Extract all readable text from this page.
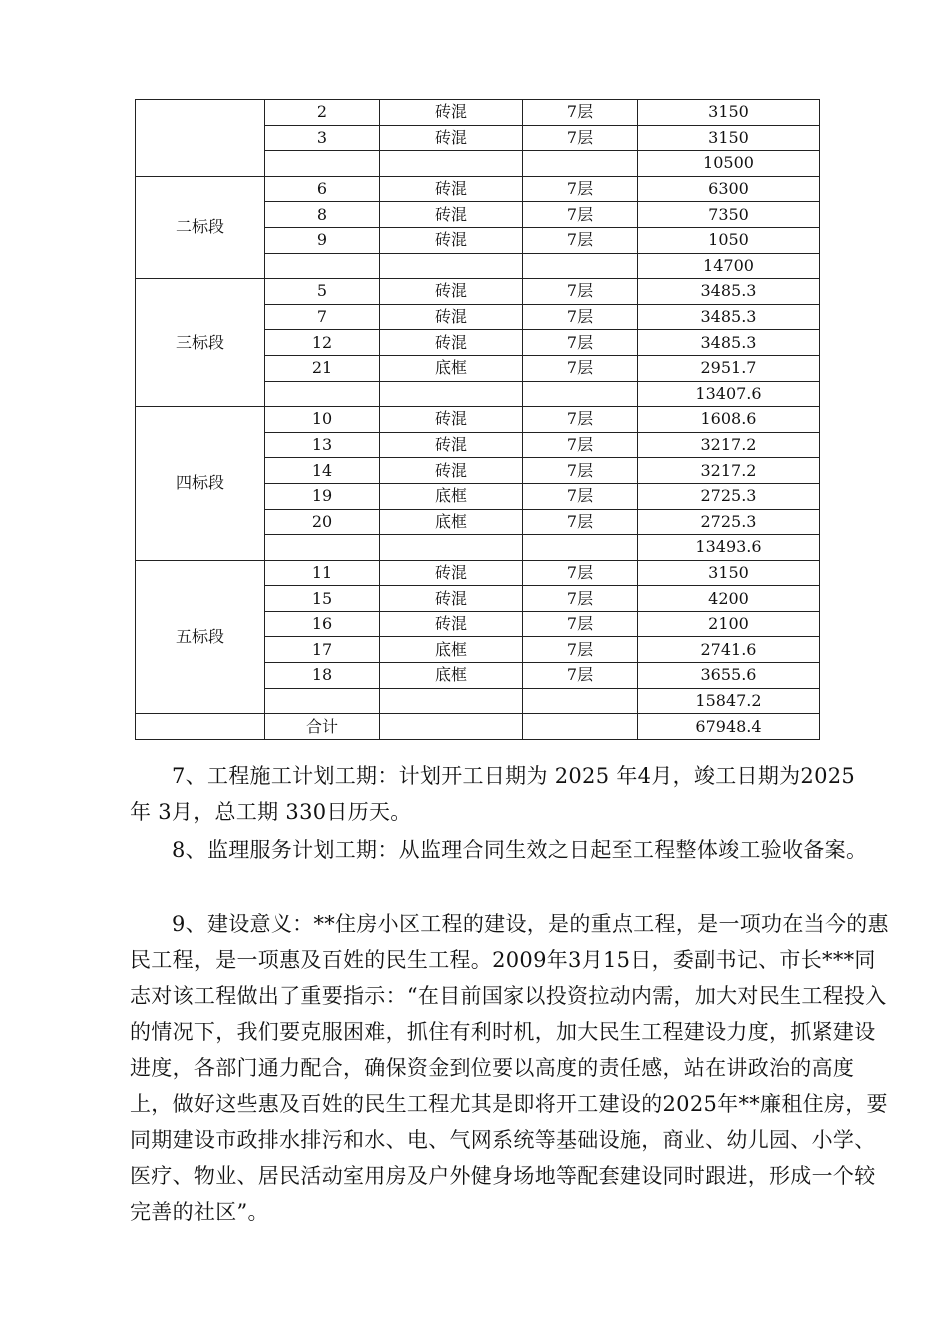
	2	砖混	7层	3150
	3	砖混	7层	3150
				10500
二标段	6	砖混	7层	6300
	8	砖混	7层	7350
	9	砖混	7层	1050
				14700
三标段	5	砖混	7层	3485.3
	7	砖混	7层	3485.3
	12	砖混	7层	3485.3
	21	底框	7层	2951.7
				13407.6
四标段	10	砖混	7层	1608.6
	13	砖混	7层	3217.2
	14	砖混	7层	3217.2
	19	底框	7层	2725.3
	20	底框	7层	2725.3
				13493.6
五标段	11	砖混	7层	3150
	15	砖混	7层	4200
	16	砖混	7层	2100
	17	底框	7层	2741.6
	18	底框	7层	3655.6
				15847.2
	合计			67948.4

7、工程施工计划工期：计划开工日期为 2025 年4月，竣工日期为2025 年 3月，总工期 330日历天。

8、监理服务计划工期：从监理合同生效之日起至工程整体竣工验收备案。

9、建设意义：**住房小区工程的建设，是的重点工程，是一项功在当今的惠民工程，是一项惠及百姓的民生工程。2009年3月15日，委副书记、市长***同志对该工程做出了重要指示：“在目前国家以投资拉动内需，加大对民生工程投入的情况下，我们要克服困难，抓住有利时机，加大民生工程建设力度，抓紧建设进度，各部门通力配合，确保资金到位要以高度的责任感，站在讲政治的高度上，做好这些惠及百姓的民生工程尤其是即将开工建设的2025年**廉租住房，要同期建设市政排水排污和水、电、气网系统等基础设施，商业、幼儿园、小学、医疗、物业、居民活动室用房及户外健身场地等配套建设同时跟进，形成一个较完善的社区”。
